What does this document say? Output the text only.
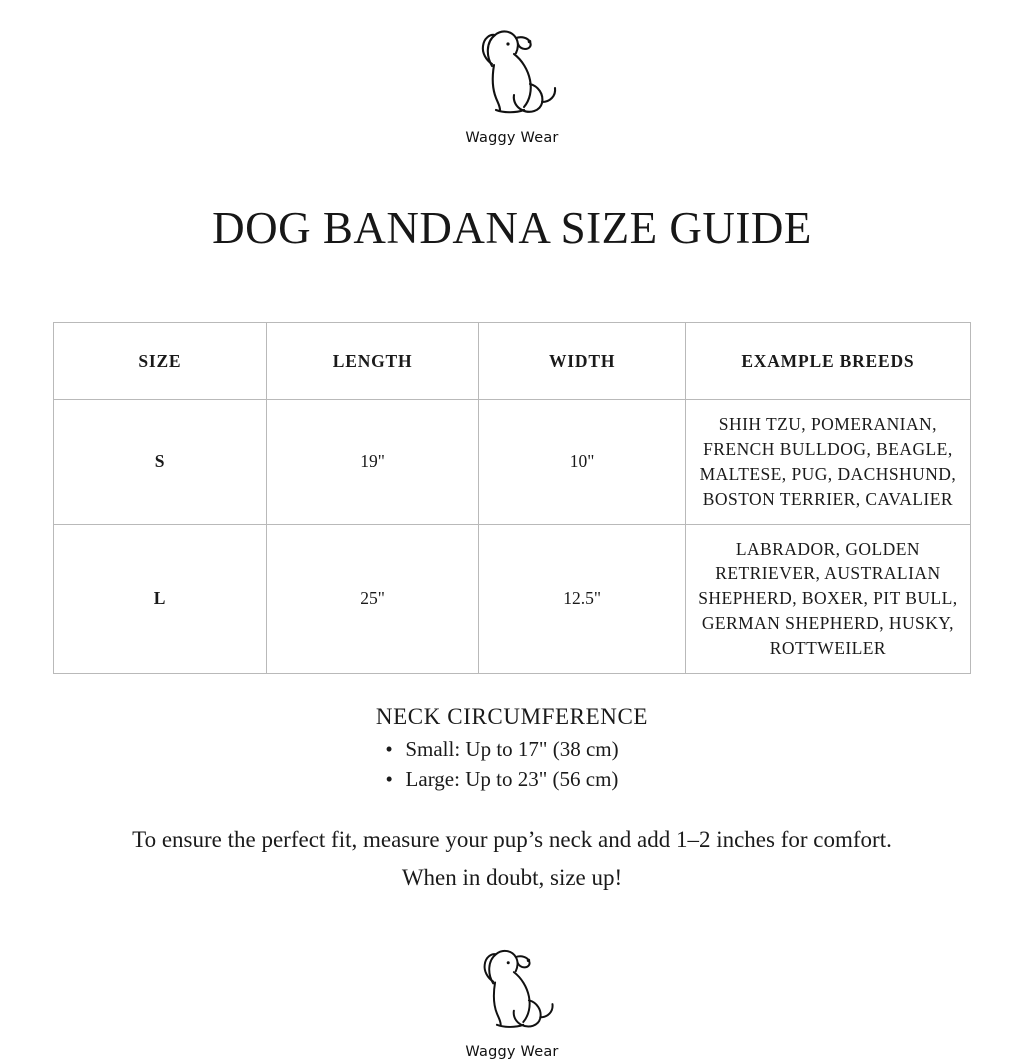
Waggy Wear
DOG BANDANA SIZE GUIDE
SIZE	LENGTH	WIDTH	EXAMPLE BREEDS
S	19"	10"	SHIH TZU, POMERANIAN, FRENCH BULLDOG, BEAGLE, MALTESE, PUG, DACHSHUND, BOSTON TERRIER, CAVALIER
L	25"	12.5"	LABRADOR, GOLDEN RETRIEVER, AUSTRALIAN SHEPHERD, BOXER, PIT BULL, GERMAN SHEPHERD, HUSKY, ROTTWEILER
NECK CIRCUMFERENCE
• Small: Up to 17" (38 cm)
• Large: Up to 23" (56 cm)
To ensure the perfect fit, measure your pup’s neck and add 1–2 inches for comfort.
When in doubt, size up!
Waggy Wear
